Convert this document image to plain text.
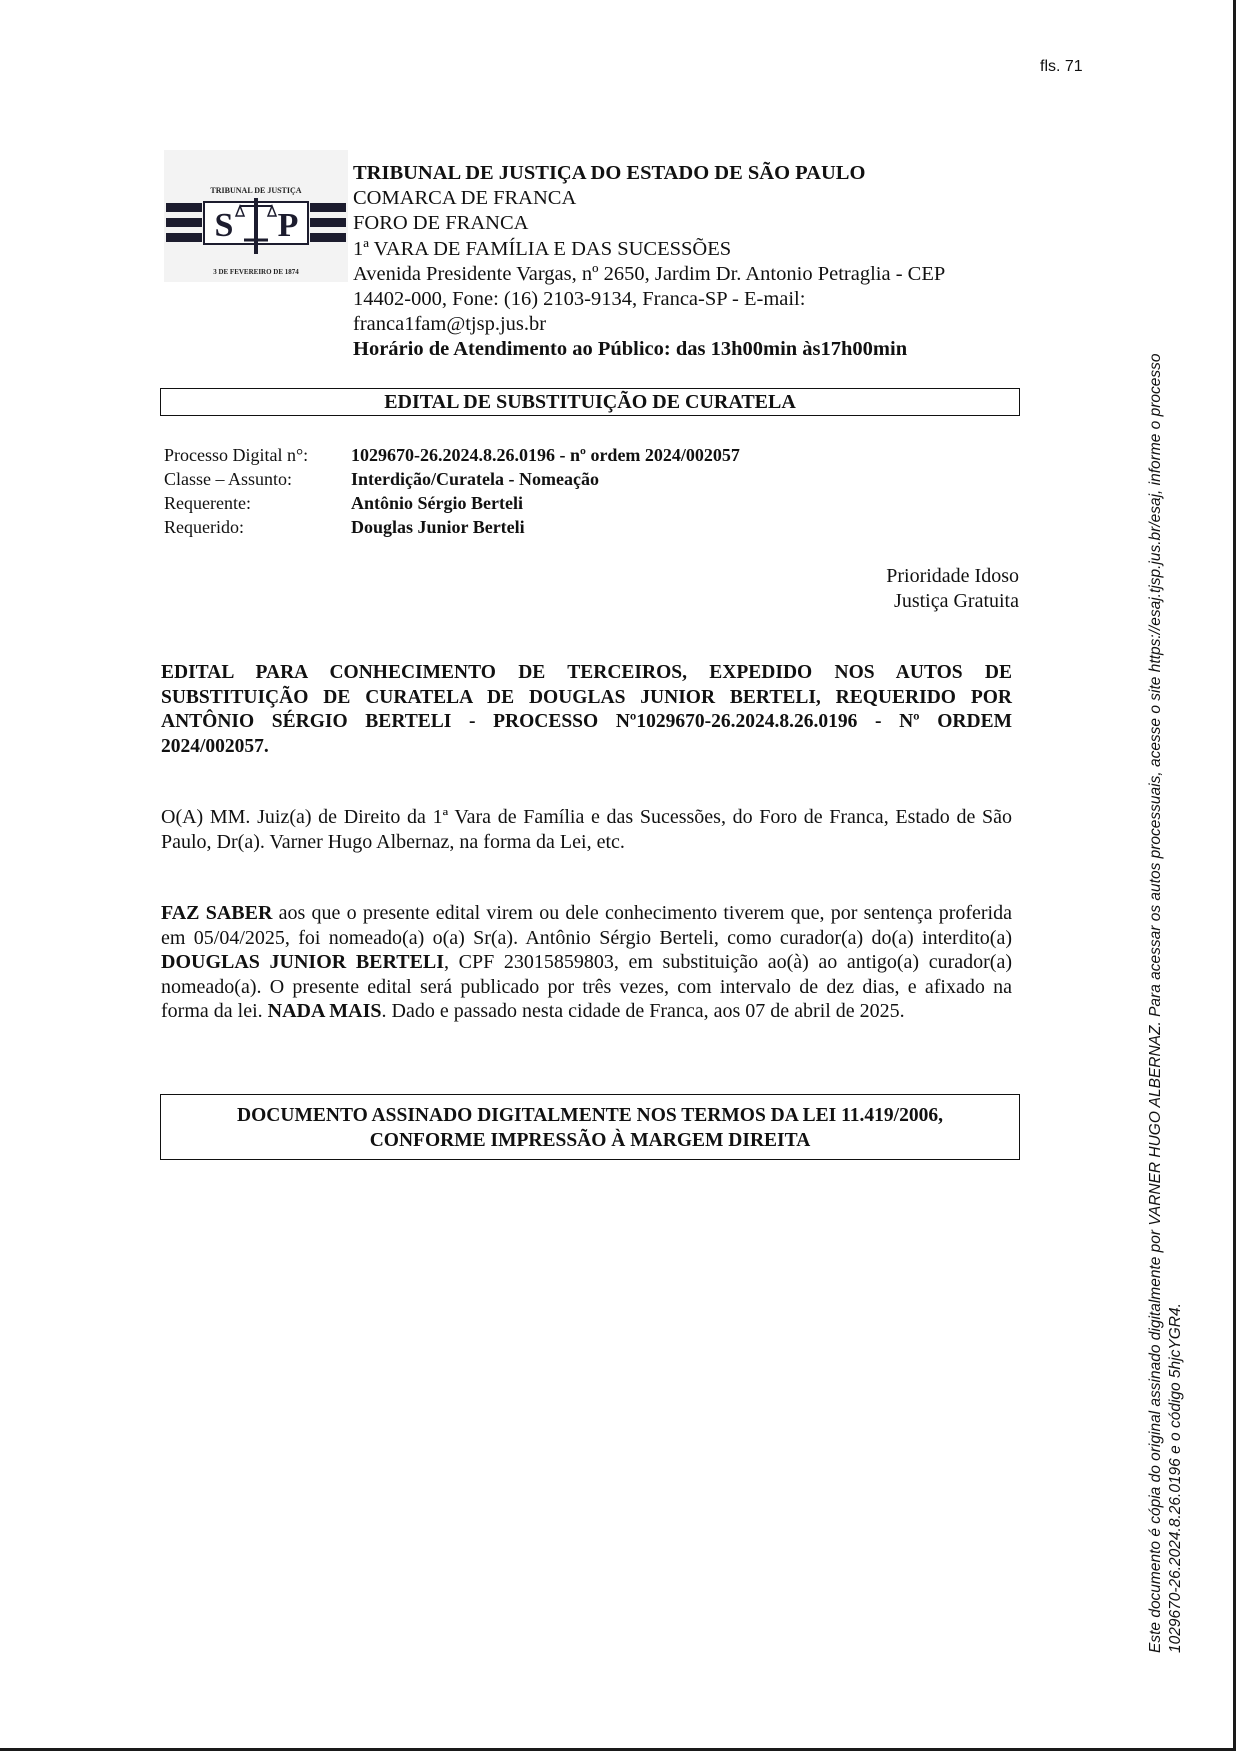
fls. 71
TRIBUNAL DE JUSTIÇA
S P
3 DE FEVEREIRO DE 1874
TRIBUNAL DE JUSTIÇA DO ESTADO DE SÃO PAULO
COMARCA DE FRANCA
FORO DE FRANCA
1ª VARA DE FAMÍLIA E DAS SUCESSÕES
Avenida Presidente Vargas, nº 2650, Jardim Dr. Antonio Petraglia - CEP
14402-000, Fone: (16) 2103-9134, Franca-SP - E-mail:
franca1fam@tjsp.jus.br
Horário de Atendimento ao Público: das 13h00min às17h00min
EDITAL DE SUBSTITUIÇÃO DE CURATELA
Processo Digital n°:	1029670-26.2024.8.26.0196 - nº ordem 2024/002057
Classe – Assunto:	Interdição/Curatela - Nomeação
Requerente:	Antônio Sérgio Berteli
Requerido:	Douglas Junior Berteli
Prioridade Idoso
Justiça Gratuita
EDITAL PARA CONHECIMENTO DE TERCEIROS, EXPEDIDO NOS AUTOS DE SUBSTITUIÇÃO DE CURATELA DE DOUGLAS JUNIOR BERTELI, REQUERIDO POR ANTÔNIO SÉRGIO BERTELI - PROCESSO Nº1029670-26.2024.8.26.0196 - Nº ORDEM 2024/002057.
O(A) MM. Juiz(a) de Direito da 1ª Vara de Família e das Sucessões, do Foro de Franca, Estado de São Paulo, Dr(a). Varner Hugo Albernaz, na forma da Lei, etc.
FAZ SABER aos que o presente edital virem ou dele conhecimento tiverem que, por sentença proferida em 05/04/2025, foi nomeado(a) o(a) Sr(a). Antônio Sérgio Berteli, como curador(a) do(a) interdito(a) DOUGLAS JUNIOR BERTELI, CPF 23015859803, em substituição ao(à) ao antigo(a) curador(a) nomeado(a). O presente edital será publicado por três vezes, com intervalo de dez dias, e afixado na forma da lei. NADA MAIS. Dado e passado nesta cidade de Franca, aos 07 de abril de 2025.
DOCUMENTO ASSINADO DIGITALMENTE NOS TERMOS DA LEI 11.419/2006,
CONFORME IMPRESSÃO À MARGEM DIREITA	Este documento é cópia do original assinado digitalmente por VARNER HUGO ALBERNAZ. Para acessar os autos processuais, acesse o site https://esaj.tjsp.jus.br/esaj, informe o processo 1029670-26.2024.8.26.0196 e o código 5hjcYGR4.
